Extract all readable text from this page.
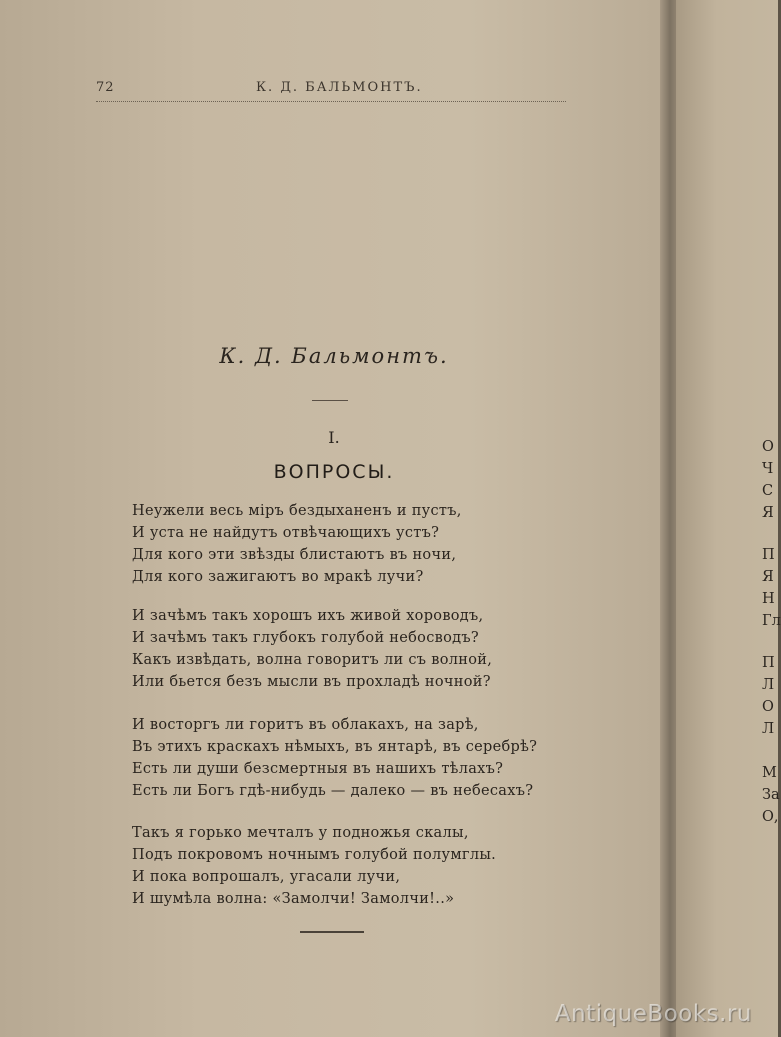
72	К. Д. БАЛЬМОНТЪ.
К. Д. Бальмонтъ.
I.
ВОПРОСЫ.
Неужели весь міръ бездыханенъ и пустъ,
И уста не найдутъ отвѣчающихъ устъ?
Для кого эти звѣзды блистаютъ въ ночи,
Для кого зажигаютъ во мракѣ лучи?
И зачѣмъ такъ хорошъ ихъ живой хороводъ,
И зачѣмъ такъ глубокъ голубой небосводъ?
Какъ извѣдать, волна говоритъ ли съ волной,
Или бьется безъ мысли въ прохладѣ ночной?
И восторгъ ли горитъ въ облакахъ, на зарѣ,
Въ этихъ краскахъ нѣмыхъ, въ янтарѣ, въ серебрѣ?
Есть ли души безсмертныя въ нашихъ тѣлахъ?
Есть ли Богъ гдѣ-нибудь — далеко — въ небесахъ?
Такъ я горько мечталъ у подножья скалы,
Подъ покровомъ ночнымъ голубой полумглы.
И пока вопрошалъ, угасали лучи,
И шумѣла волна: «Замолчи! Замолчи!..»
О
Ч
С
Я
П
Я
Н
Гл
П
Л
О
Л
М
За
О,
AntiqueBooks.ru
